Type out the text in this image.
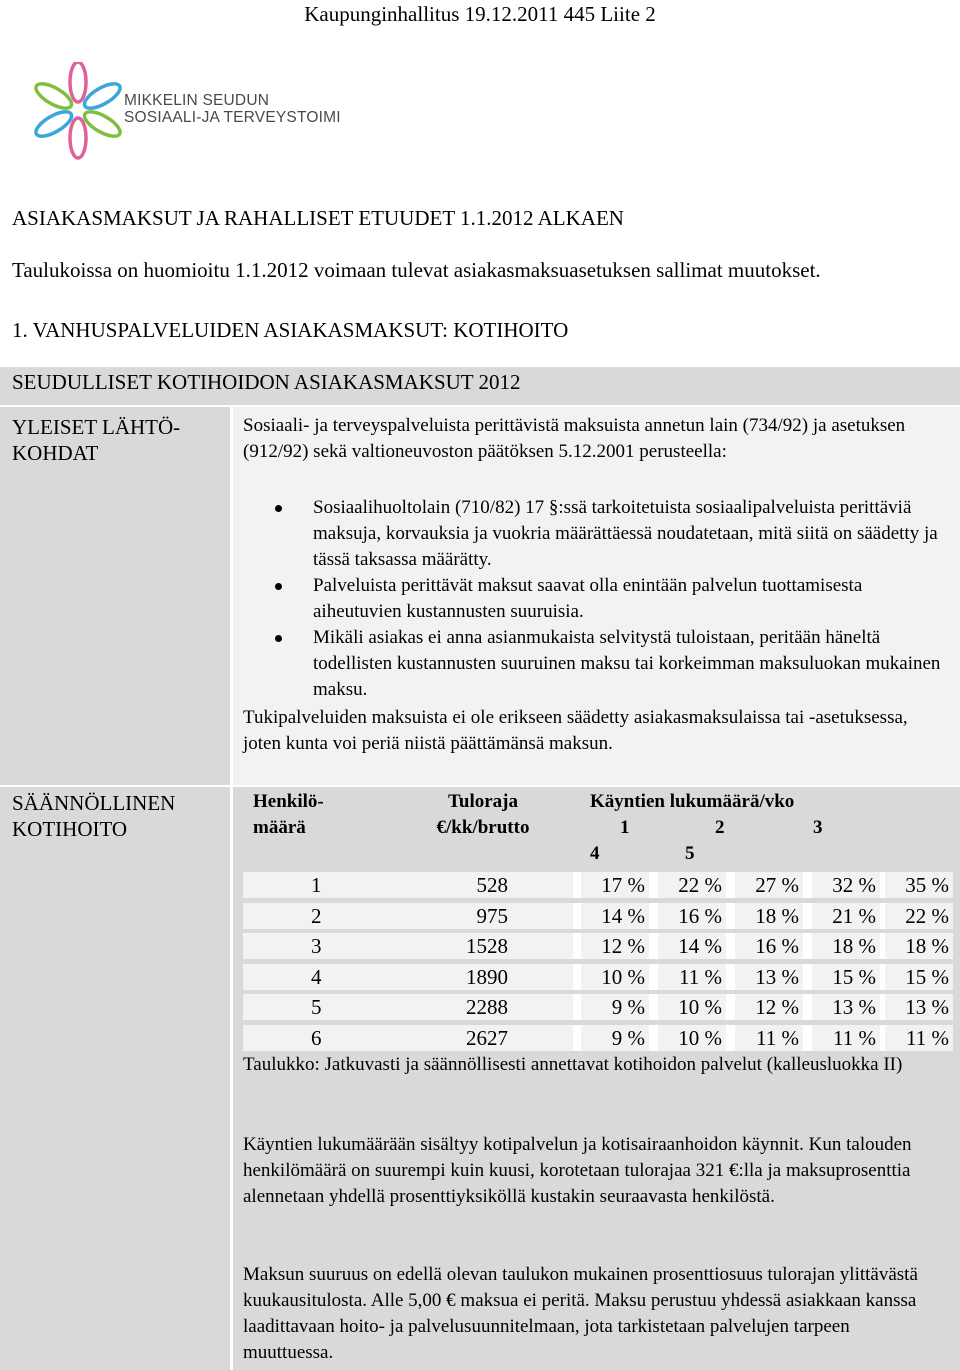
Kaupunginhallitus 19.12.2011 445 Liite 2
MIKKELIN SEUDUN
SOSIAALI-JA TERVEYSTOIMI
ASIAKASMAKSUT JA RAHALLISET ETUUDET 1.1.2012 ALKAEN
Taulukoissa on huomioitu 1.1.2012 voimaan tulevat asiakasmaksuasetuksen sallimat muutokset.
1. VANHUSPALVELUIDEN ASIAKASMAKSUT: KOTIHOITO
SEUDULLISET KOTIHOIDON ASIAKASMAKSUT 2012
YLEISET LÄHTÖ-KOHDAT
Sosiaali- ja terveyspalveluista perittävistä maksuista annetun lain (734/92) ja asetuksen (912/92) sekä valtioneuvoston päätöksen 5.12.2001 perusteella:
Sosiaalihuoltolain (710/82) 17 §:ssä tarkoitetuista sosiaalipalveluista perittäviä maksuja, korvauksia ja vuokria määrättäessä noudatetaan, mitä siitä on säädetty ja tässä taksassa määrätty.
Palveluista perittävät maksut saavat olla enintään palvelun tuottamisesta aiheutuvien kustannusten suuruisia.
Mikäli asiakas ei anna asianmukaista selvitystä tuloistaan, peritään häneltä todellisten kustannusten suuruinen maksu tai korkeimman maksuluokan mukainen maksu.
Tukipalveluiden maksuista ei ole erikseen säädetty asiakasmaksulaissa tai -asetuksessa, joten kunta voi periä niistä päättämänsä maksun.
SÄÄNNÖLLINEN KOTIHOITO
Henkilö-määrä
Tuloraja €/kk/brutto
Käyntien lukumäärä/vko
1	2	3
4	5
1	528	17 %	22 %	27 %	32 %	35 %
2	975	14 %	16 %	18 %	21 %	22 %
3	1528	12 %	14 %	16 %	18 %	18 %
4	1890	10 %	11 %	13 %	15 %	15 %
5	2288	9 %	10 %	12 %	13 %	13 %
6	2627	9 %	10 %	11 %	11 %	11 %
Taulukko: Jatkuvasti ja säännöllisesti annettavat kotihoidon palvelut (kalleusluokka II)
Käyntien lukumäärään sisältyy kotipalvelun ja kotisairaanhoidon käynnit. Kun talouden henkilömäärä on suurempi kuin kuusi, korotetaan tulorajaa 321 €:lla ja maksuprosenttia alennetaan yhdellä prosenttiyksiköllä kustakin seuraavasta henkilöstä.
Maksun suuruus on edellä olevan taulukon mukainen prosenttiosuus tulorajan ylittävästä kuukausitulosta. Alle 5,00 € maksua ei peritä. Maksu perustuu yhdessä asiakkaan kanssa laadittavaan hoito- ja palvelusuunnitelmaan, jota tarkistetaan palvelujen tarpeen muuttuessa.
